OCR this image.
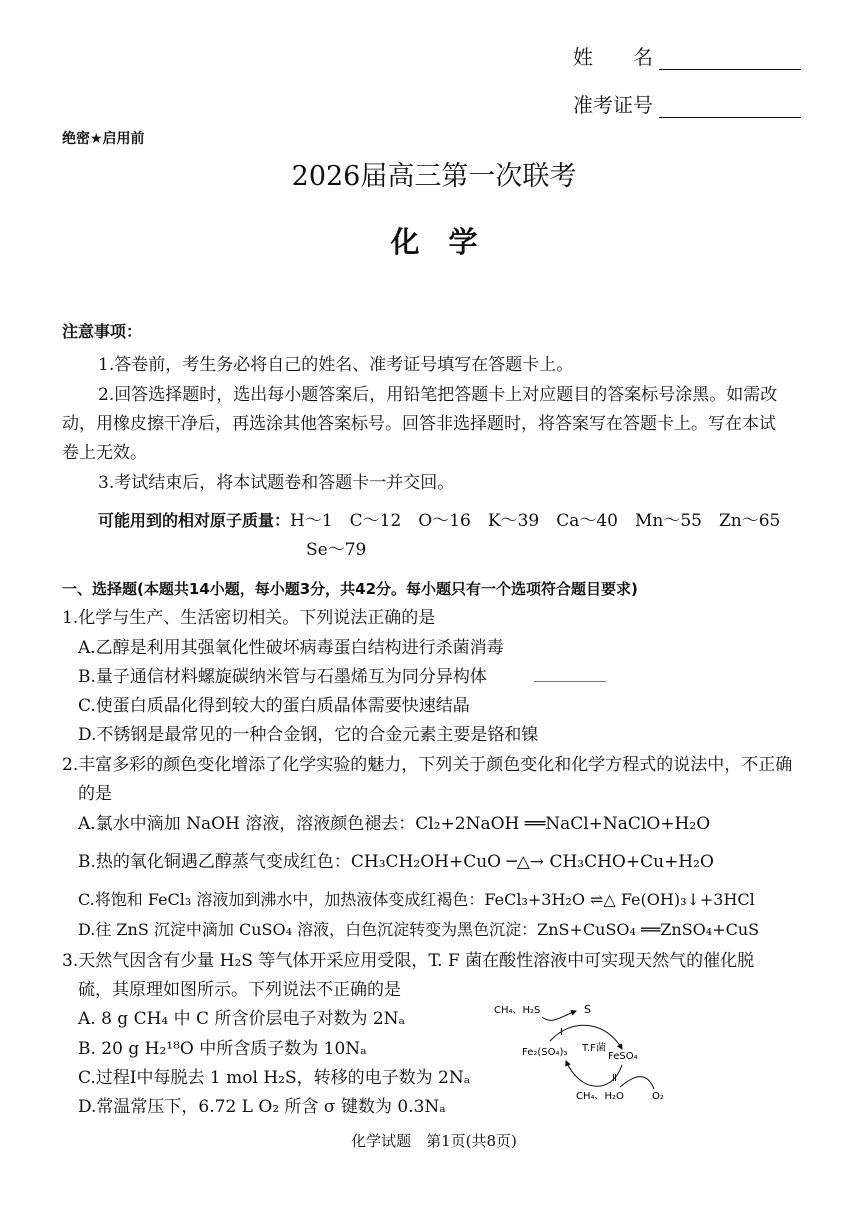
姓　　名
准考证号
绝密★启用前
2026届高三第一次联考
化　学
注意事项：
1.答卷前，考生务必将自己的姓名、准考证号填写在答题卡上。
2.回答选择题时，选出每小题答案后，用铅笔把答题卡上对应题目的答案标号涂黑。如需改
动，用橡皮擦干净后，再选涂其他答案标号。回答非选择题时，将答案写在答题卡上。写在本试
卷上无效。
3.考试结束后，将本试题卷和答题卡一并交回。
可能用到的相对原子质量：H～1　C～12　O～16　K～39　Ca～40　Mn～55　Zn～65
Se～79
一、选择题(本题共14小题，每小题3分，共42分。每小题只有一个选项符合题目要求)
1.化学与生产、生活密切相关。下列说法正确的是
A.乙醇是利用其强氧化性破坏病毒蛋白结构进行杀菌消毒
B.量子通信材料螺旋碳纳米管与石墨烯互为同分异构体
C.使蛋白质晶化得到较大的蛋白质晶体需要快速结晶
D.不锈钢是最常见的一种合金钢，它的合金元素主要是铬和镍
2.丰富多彩的颜色变化增添了化学实验的魅力，下列关于颜色变化和化学方程式的说法中，不正确
的是
A.氯水中滴加 NaOH 溶液，溶液颜色褪去：Cl₂+2NaOH ══NaCl+NaClO+H₂O
B.热的氧化铜遇乙醇蒸气变成红色：CH₃CH₂OH+CuO ─△→ CH₃CHO+Cu+H₂O
C.将饱和 FeCl₃ 溶液加到沸水中，加热液体变成红褐色：FeCl₃+3H₂O ⇌△ Fe(OH)₃↓+3HCl
D.往 ZnS 沉淀中滴加 CuSO₄ 溶液，白色沉淀转变为黑色沉淀：ZnS+CuSO₄ ══ZnSO₄+CuS
3.天然气因含有少量 H₂S 等气体开采应用受限，T. F 菌在酸性溶液中可实现天然气的催化脱
硫，其原理如图所示。下列说法不正确的是
A. 8 g CH₄ 中 C 所含价层电子对数为 2Nₐ
B. 20 g H₂¹⁸O 中所含质子数为 10Nₐ
C.过程Ⅰ中每脱去 1 mol H₂S，转移的电子数为 2Nₐ
D.常温常压下，6.72 L O₂ 所含 σ 键数为 0.3Nₐ
CH₄、H₂S	S
Ⅰ
Fe₂(SO₄)₃ T.F菌
FeSO₄
Ⅱ
CH₄、H₂O	O₂
化学试题　第1页(共8页)
